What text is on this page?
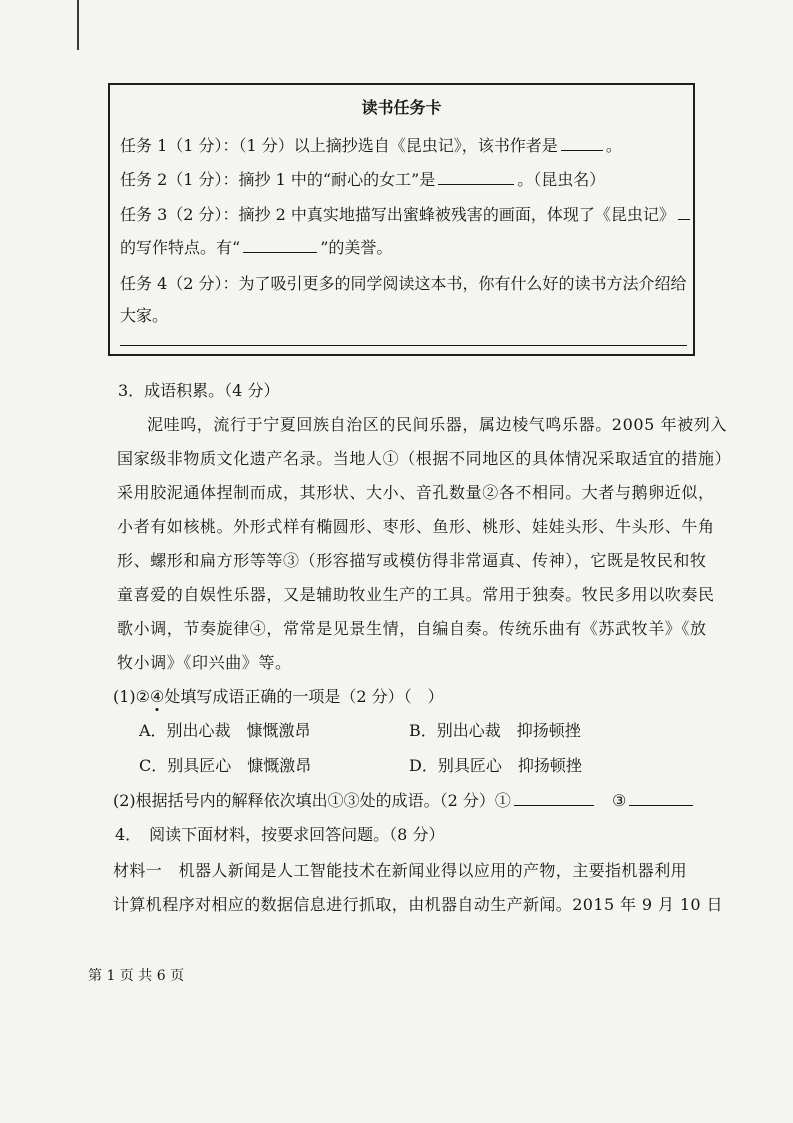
读书任务卡
任务 1（1 分）：（1 分）以上摘抄选自《昆虫记》，该书作者是	。
任务 2（1 分）：摘抄 1 中的“耐心的女工”是	。（昆虫名）
任务 3（2 分）：摘抄 2 中真实地描写出蜜蜂被残害的画面，体现了《昆虫记》
的写作特点。有“	”的美誉。
任务 4（2 分）：为了吸引更多的同学阅读这本书，你有什么好的读书方法介绍给
大家。
3．成语积累。（4 分）
泥哇呜，流行于宁夏回族自治区的民间乐器，属边棱气鸣乐器。2005 年被列入
国家级非物质文化遗产名录。当地人①（根据不同地区的具体情况采取适宜的措施）
采用胶泥通体捏制而成，其形状、大小、音孔数量②各不相同。大者与鹅卵近似，
小者有如核桃。外形式样有椭圆形、枣形、鱼形、桃形、娃娃头形、牛头形、牛角
形、螺形和扁方形等等③（形容描写或模仿得非常逼真、传神），它既是牧民和牧
童喜爱的自娱性乐器，又是辅助牧业生产的工具。常用于独奏。牧民多用以吹奏民
歌小调，节奏旋律④，常常是见景生情，自编自奏。传统乐曲有《苏武牧羊》《放
牧小调》《印兴曲》等。
(1)②④处填写成语正确的一项是（2 分）（　）
A．别出心裁　慷慨激昂	B．别出心裁　抑扬顿挫
C．别具匠心　慷慨激昂	D．别具匠心　抑扬顿挫
(2)根据括号内的解释依次填出①③处的成语。（2 分）①	③
4．　阅读下面材料，按要求回答问题。（8 分）
材料一　机器人新闻是人工智能技术在新闻业得以应用的产物，主要指机器利用
计算机程序对相应的数据信息进行抓取，由机器自动生产新闻。2015 年 9 月 10 日
第 1 页 共 6 页
